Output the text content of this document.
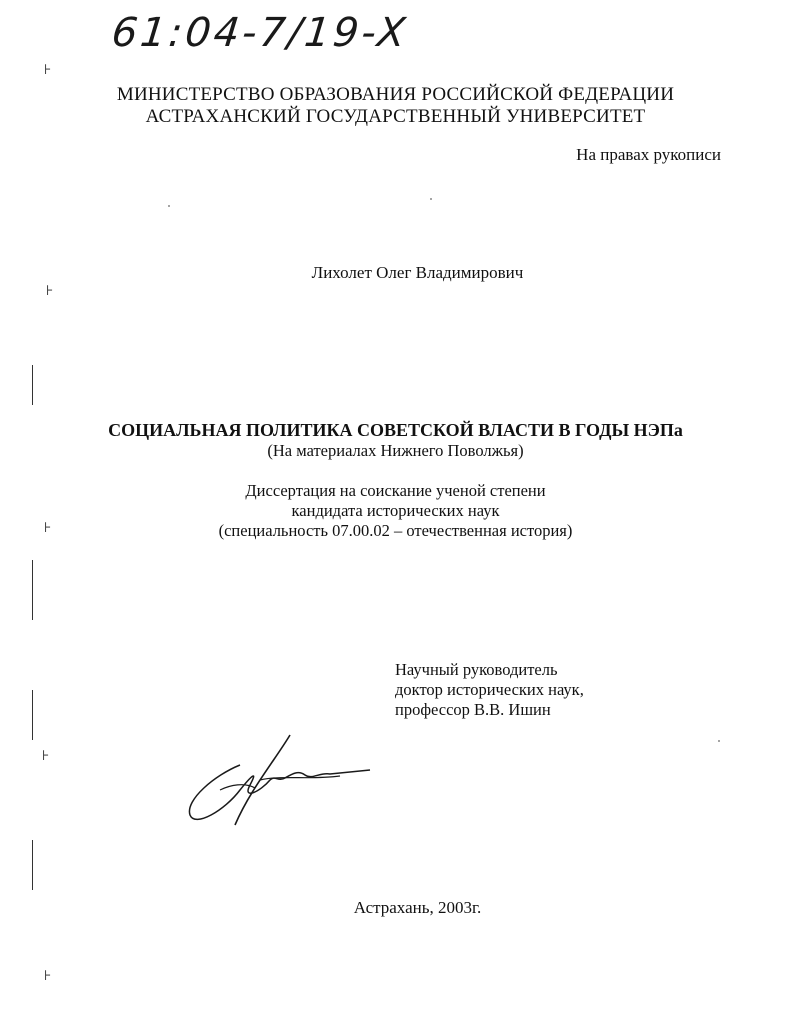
61:04-7/19-X
МИНИСТЕРСТВО ОБРАЗОВАНИЯ РОССИЙСКОЙ ФЕДЕРАЦИИ
АСТРАХАНСКИЙ ГОСУДАРСТВЕННЫЙ УНИВЕРСИТЕТ
На правах рукописи
Лихолет Олег Владимирович
СОЦИАЛЬНАЯ ПОЛИТИКА СОВЕТСКОЙ ВЛАСТИ В ГОДЫ НЭПа
(На материалах Нижнего Поволжья)
Диссертация на соискание ученой степени
кандидата исторических наук
(специальность 07.00.02 – отечественная история)
Научный руководитель
доктор исторических наук,
профессор В.В. Ишин
Астрахань, 2003г.
⊦
⊦
⊦
⊦
⊦
